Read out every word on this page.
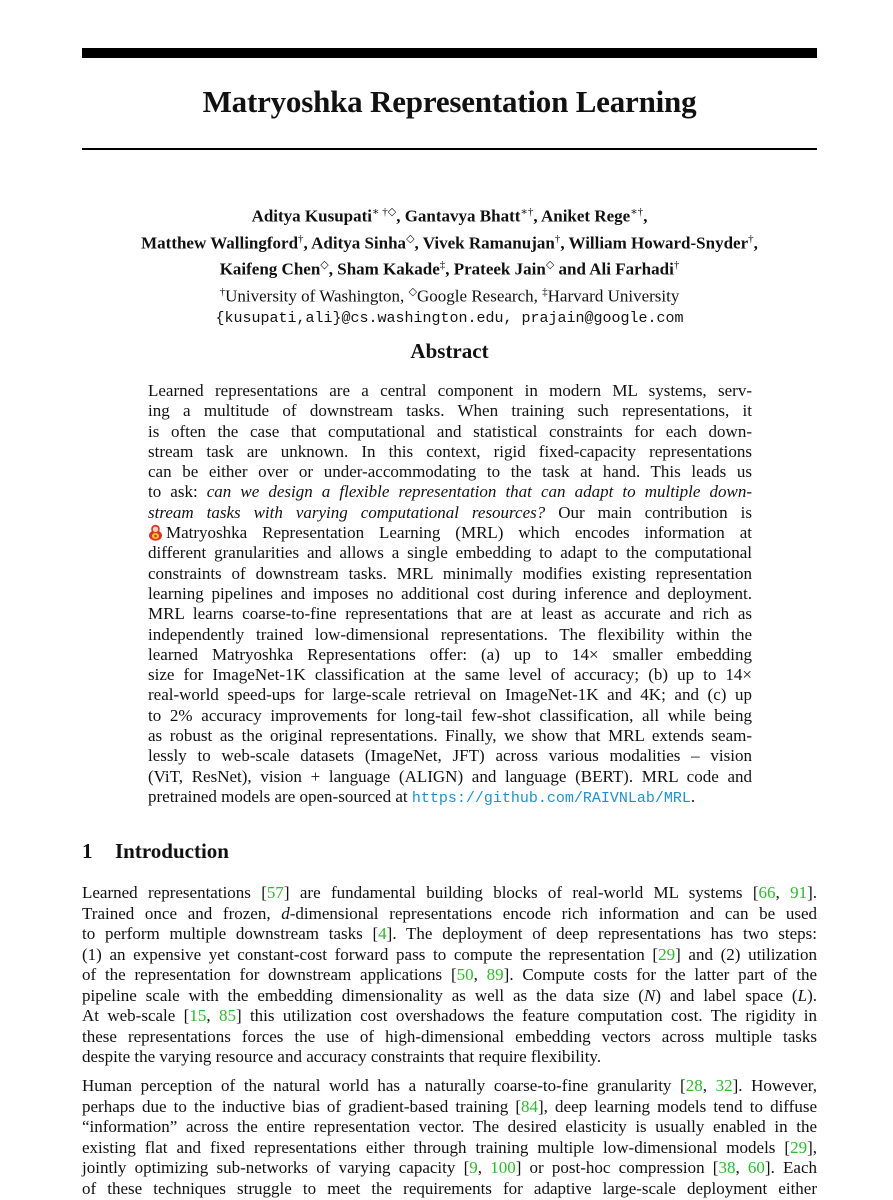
Matryoshka Representation Learning
Aditya Kusupati∗ †◇, Gantavya Bhatt∗†, Aniket Rege∗†,
Matthew Wallingford†, Aditya Sinha◇, Vivek Ramanujan†, William Howard-Snyder†,
Kaifeng Chen◇, Sham Kakade‡, Prateek Jain◇ and Ali Farhadi†
†University of Washington, ◇Google Research, ‡Harvard University
{kusupati,ali}@cs.washington.edu, prajain@google.com
Abstract
Learned representations are a central component in modern ML systems, serv-
ing a multitude of downstream tasks. When training such representations, it
is often the case that computational and statistical constraints for each down-
stream task are unknown. In this context, rigid fixed-capacity representations
can be either over or under-accommodating to the task at hand. This leads us
to ask: can we design a flexible representation that can adapt to multiple down-
stream tasks with varying computational resources? Our main contribution is
Matryoshka Representation Learning (MRL) which encodes information at
different granularities and allows a single embedding to adapt to the computational
constraints of downstream tasks. MRL minimally modifies existing representation
learning pipelines and imposes no additional cost during inference and deployment.
MRL learns coarse-to-fine representations that are at least as accurate and rich as
independently trained low-dimensional representations. The flexibility within the
learned Matryoshka Representations offer: (a) up to 14× smaller embedding
size for ImageNet-1K classification at the same level of accuracy; (b) up to 14×
real-world speed-ups for large-scale retrieval on ImageNet-1K and 4K; and (c) up
to 2% accuracy improvements for long-tail few-shot classification, all while being
as robust as the original representations. Finally, we show that MRL extends seam-
lessly to web-scale datasets (ImageNet, JFT) across various modalities – vision
(ViT, ResNet), vision + language (ALIGN) and language (BERT). MRL code and
pretrained models are open-sourced at https://github.com/RAIVNLab/MRL.
1 Introduction
Learned representations [57] are fundamental building blocks of real-world ML systems [66, 91].
Trained once and frozen, d-dimensional representations encode rich information and can be used
to perform multiple downstream tasks [4]. The deployment of deep representations has two steps:
(1) an expensive yet constant-cost forward pass to compute the representation [29] and (2) utilization
of the representation for downstream applications [50, 89]. Compute costs for the latter part of the
pipeline scale with the embedding dimensionality as well as the data size (N) and label space (L).
At web-scale [15, 85] this utilization cost overshadows the feature computation cost. The rigidity in
these representations forces the use of high-dimensional embedding vectors across multiple tasks
despite the varying resource and accuracy constraints that require flexibility.
Human perception of the natural world has a naturally coarse-to-fine granularity [28, 32]. However,
perhaps due to the inductive bias of gradient-based training [84], deep learning models tend to diffuse
“information” across the entire representation vector. The desired elasticity is usually enabled in the
existing flat and fixed representations either through training multiple low-dimensional models [29],
jointly optimizing sub-networks of varying capacity [9, 100] or post-hoc compression [38, 60]. Each
of these techniques struggle to meet the requirements for adaptive large-scale deployment either
